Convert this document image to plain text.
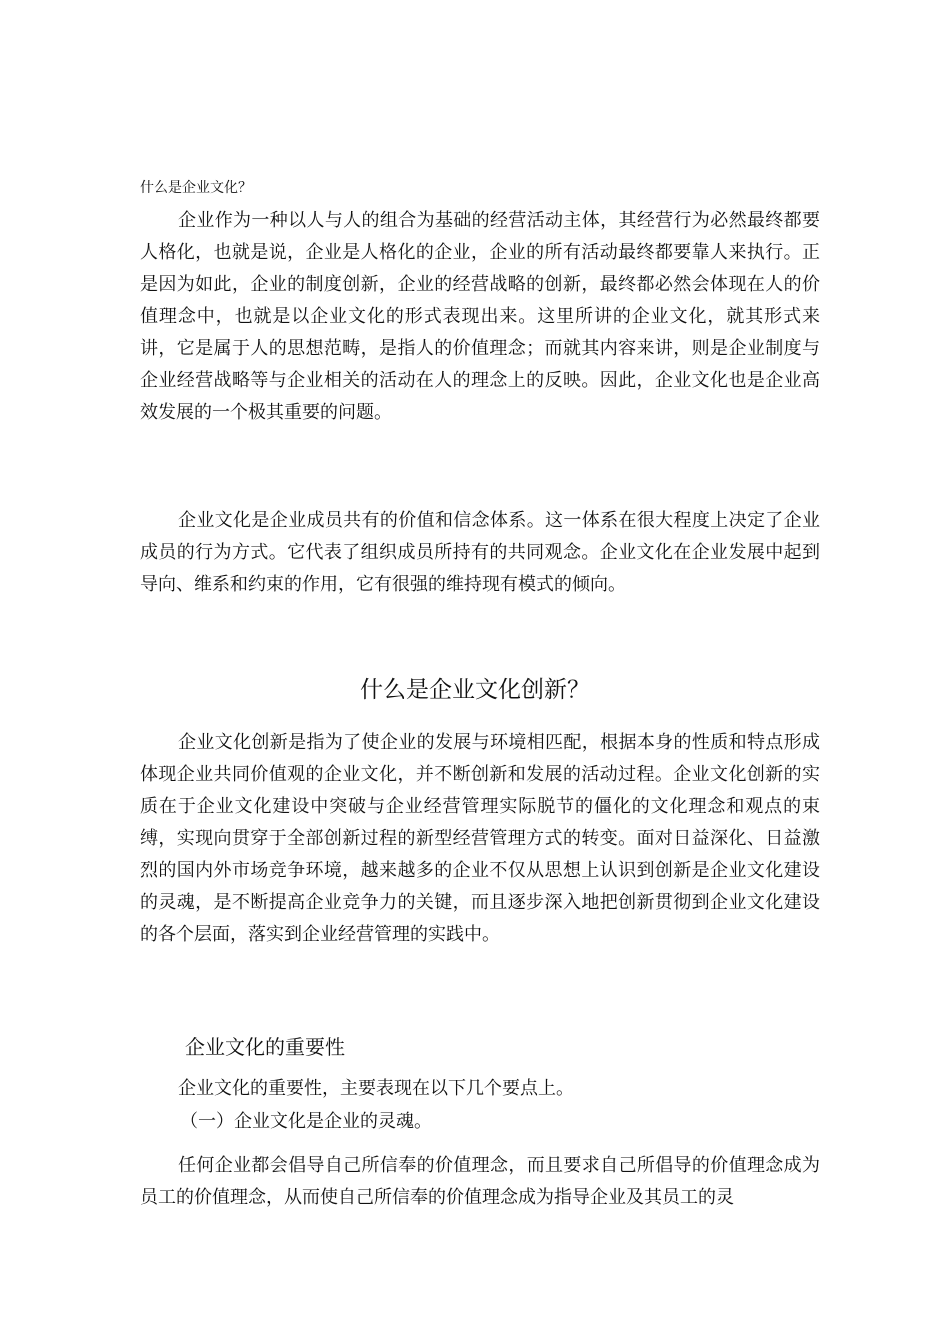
什么是企业文化？

企业作为一种以人与人的组合为基础的经营活动主体，其经营行为必然最终都要人格化，也就是说，企业是人格化的企业，企业的所有活动最终都要靠人来执行。正是因为如此，企业的制度创新，企业的经营战略的创新，最终都必然会体现在人的价值理念中，也就是以企业文化的形式表现出来。这里所讲的企业文化，就其形式来讲，它是属于人的思想范畴，是指人的价值理念；而就其内容来讲，则是企业制度与企业经营战略等与企业相关的活动在人的理念上的反映。因此，企业文化也是企业高效发展的一个极其重要的问题。

企业文化是企业成员共有的价值和信念体系。这一体系在很大程度上决定了企业成员的行为方式。它代表了组织成员所持有的共同观念。企业文化在企业发展中起到导向、维系和约束的作用，它有很强的维持现有模式的倾向。

什么是企业文化创新？

企业文化创新是指为了使企业的发展与环境相匹配，根据本身的性质和特点形成体现企业共同价值观的企业文化，并不断创新和发展的活动过程。企业文化创新的实质在于企业文化建设中突破与企业经营管理实际脱节的僵化的文化理念和观点的束缚，实现向贯穿于全部创新过程的新型经营管理方式的转变。面对日益深化、日益激烈的国内外市场竞争环境，越来越多的企业不仅从思想上认识到创新是企业文化建设的灵魂，是不断提高企业竞争力的关键，而且逐步深入地把创新贯彻到企业文化建设的各个层面，落实到企业经营管理的实践中。

企业文化的重要性
企业文化的重要性，主要表现在以下几个要点上。
（一）企业文化是企业的灵魂。

任何企业都会倡导自己所信奉的价值理念，而且要求自己所倡导的价值理念成为员工的价值理念，从而使自己所信奉的价值理念成为指导企业及其员工的灵
